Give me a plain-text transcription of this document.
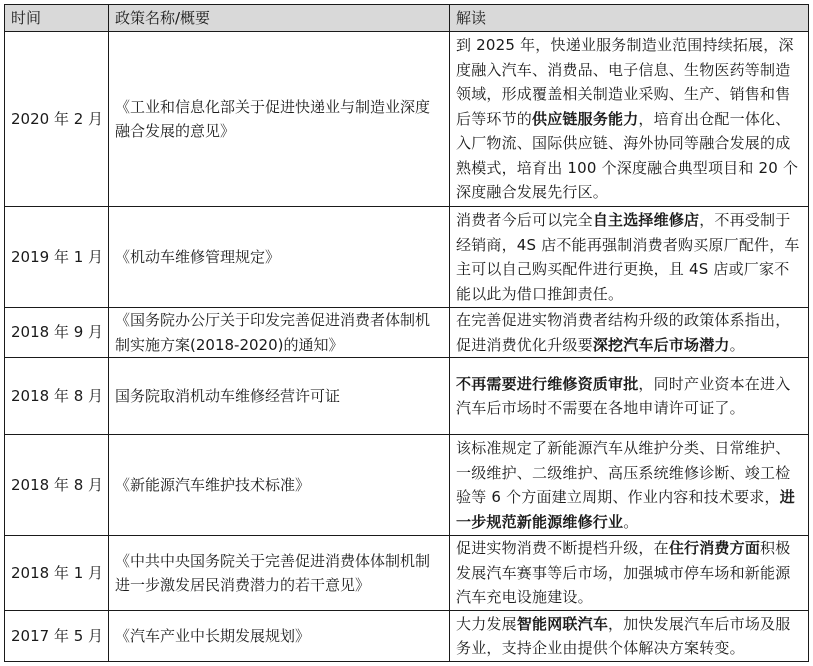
时间	政策名称/概要	解读
2020 年 2 月	《工业和信息化部关于促进快递业与制造业深度融合发展的意见》	到 2025 年，快递业服务制造业范围持续拓展，深度融入汽车、消费品、电子信息、生物医药等制造领域，形成覆盖相关制造业采购、生产、销售和售后等环节的供应链服务能力，培育出仓配一体化、入厂物流、国际供应链、海外协同等融合发展的成熟模式，培育出 100 个深度融合典型项目和 20 个深度融合发展先行区。
2019 年 1 月	《机动车维修管理规定》	消费者今后可以完全自主选择维修店，不再受制于经销商，4S 店不能再强制消费者购买原厂配件，车主可以自己购买配件进行更换，且 4S 店或厂家不能以此为借口推卸责任。
2018 年 9 月	《国务院办公厅关于印发完善促进消费者体制机制实施方案(2018-2020)的通知》	在完善促进实物消费者结构升级的政策体系指出，促进消费优化升级要深挖汽车后市场潜力。
2018 年 8 月	国务院取消机动车维修经营许可证	不再需要进行维修资质审批，同时产业资本在进入汽车后市场时不需要在各地申请许可证了。
2018 年 8 月	《新能源汽车维护技术标准》	该标准规定了新能源汽车从维护分类、日常维护、一级维护、二级维护、高压系统维修诊断、竣工检验等 6 个方面建立周期、作业内容和技术要求，进一步规范新能源维修行业。
2018 年 1 月	《中共中央国务院关于完善促进消费体体制机制进一步激发居民消费潜力的若干意见》	促进实物消费不断提档升级，在住行消费方面积极发展汽车赛事等后市场，加强城市停车场和新能源汽车充电设施建设。
2017 年 5 月	《汽车产业中长期发展规划》	大力发展智能网联汽车，加快发展汽车后市场及服务业，支持企业由提供个体解决方案转变。
